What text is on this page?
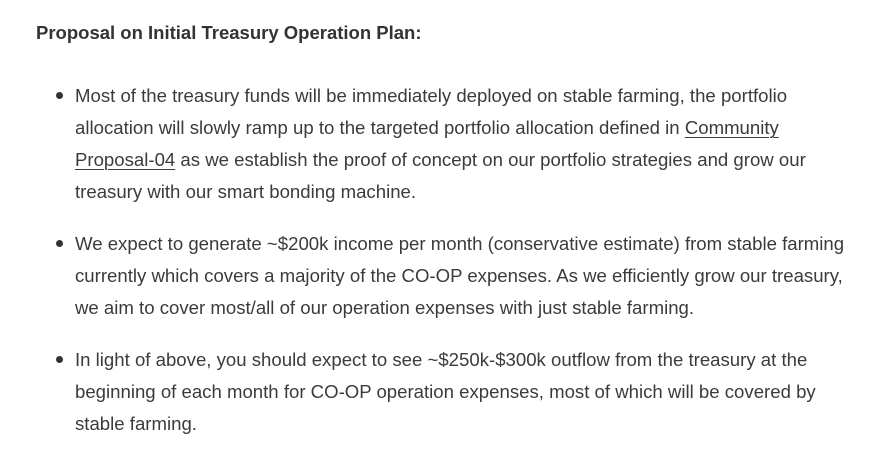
Proposal on Initial Treasury Operation Plan:
Most of the treasury funds will be immediately deployed on stable farming, the portfolio allocation will slowly ramp up to the targeted portfolio allocation defined in Community Proposal-04 as we establish the proof of concept on our portfolio strategies and grow our treasury with our smart bonding machine.
We expect to generate ~$200k income per month (conservative estimate) from stable farming currently which covers a majority of the CO-OP expenses. As we efficiently grow our treasury, we aim to cover most/all of our operation expenses with just stable farming.
In light of above, you should expect to see ~$250k-$300k outflow from the treasury at the beginning of each month for CO-OP operation expenses, most of which will be covered by stable farming.
